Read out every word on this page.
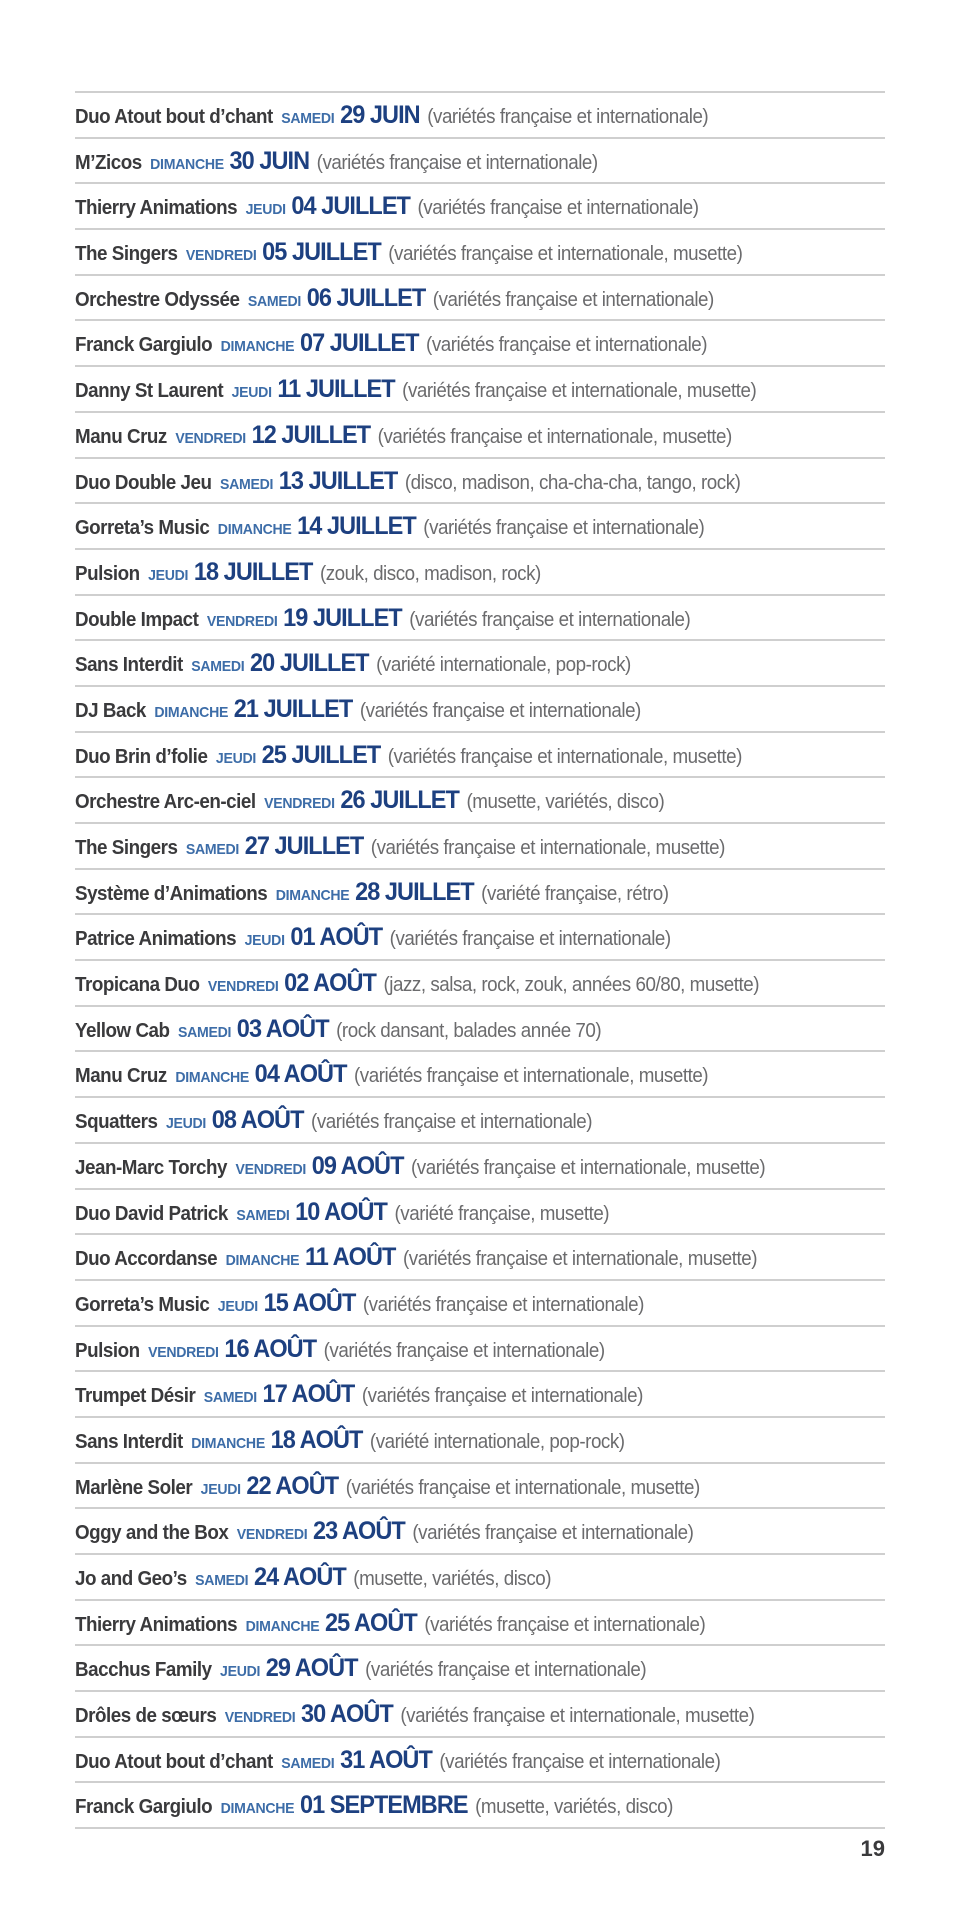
Duo Atout bout d’chant SAMEDI 29 JUIN (variétés française et internationale)
M’Zicos DIMANCHE 30 JUIN (variétés française et internationale)
Thierry Animations JEUDI 04 JUILLET (variétés française et internationale)
The Singers VENDREDI 05 JUILLET (variétés française et internationale, musette)
Orchestre Odyssée SAMEDI 06 JUILLET (variétés française et internationale)
Franck Gargiulo DIMANCHE 07 JUILLET (variétés française et internationale)
Danny St Laurent JEUDI 11 JUILLET (variétés française et internationale, musette)
Manu Cruz VENDREDI 12 JUILLET (variétés française et internationale, musette)
Duo Double Jeu SAMEDI 13 JUILLET (disco, madison, cha-cha-cha, tango, rock)
Gorreta’s Music DIMANCHE 14 JUILLET (variétés française et internationale)
Pulsion JEUDI 18 JUILLET (zouk, disco, madison, rock)
Double Impact VENDREDI 19 JUILLET (variétés française et internationale)
Sans Interdit SAMEDI 20 JUILLET (variété internationale, pop-rock)
DJ Back DIMANCHE 21 JUILLET (variétés française et internationale)
Duo Brin d’folie JEUDI 25 JUILLET (variétés française et internationale, musette)
Orchestre Arc-en-ciel VENDREDI 26 JUILLET (musette, variétés, disco)
The Singers SAMEDI 27 JUILLET (variétés française et internationale, musette)
Système d’Animations DIMANCHE 28 JUILLET (variété française, rétro)
Patrice Animations JEUDI 01 AOÛT (variétés française et internationale)
Tropicana Duo VENDREDI 02 AOÛT (jazz, salsa, rock, zouk, années 60/80, musette)
Yellow Cab SAMEDI 03 AOÛT (rock dansant, balades année 70)
Manu Cruz DIMANCHE 04 AOÛT (variétés française et internationale, musette)
Squatters JEUDI 08 AOÛT (variétés française et internationale)
Jean-Marc Torchy VENDREDI 09 AOÛT (variétés française et internationale, musette)
Duo David Patrick SAMEDI 10 AOÛT (variété française, musette)
Duo Accordanse DIMANCHE 11 AOÛT (variétés française et internationale, musette)
Gorreta’s Music JEUDI 15 AOÛT (variétés française et internationale)
Pulsion VENDREDI 16 AOÛT (variétés française et internationale)
Trumpet Désir SAMEDI 17 AOÛT (variétés française et internationale)
Sans Interdit DIMANCHE 18 AOÛT (variété internationale, pop-rock)
Marlène Soler JEUDI 22 AOÛT (variétés française et internationale, musette)
Oggy and the Box VENDREDI 23 AOÛT (variétés française et internationale)
Jo and Geo’s SAMEDI 24 AOÛT (musette, variétés, disco)
Thierry Animations DIMANCHE 25 AOÛT (variétés française et internationale)
Bacchus Family JEUDI 29 AOÛT (variétés française et internationale)
Drôles de sœurs VENDREDI 30 AOÛT (variétés française et internationale, musette)
Duo Atout bout d’chant SAMEDI 31 AOÛT (variétés française et internationale)
Franck Gargiulo DIMANCHE 01 SEPTEMBRE (musette, variétés, disco)
19
